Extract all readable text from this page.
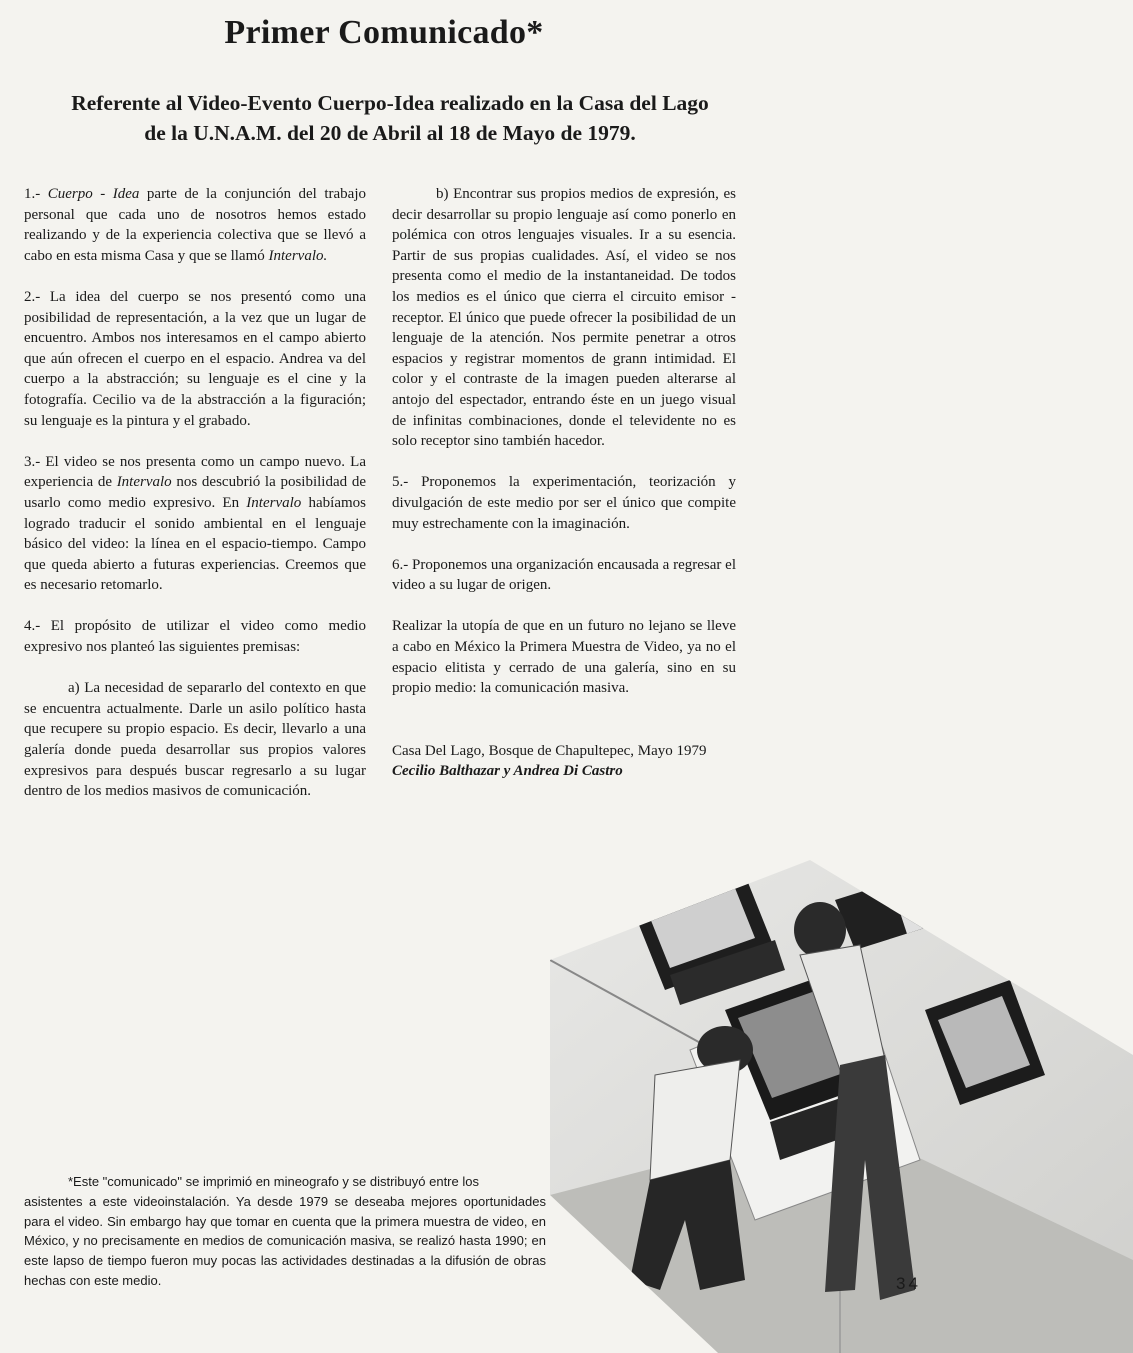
Primer Comunicado*
Referente al Video-Evento Cuerpo-Idea realizado en la Casa del Lago
de la U.N.A.M. del 20 de Abril al 18 de Mayo de 1979.

1.- Cuerpo - Idea parte de la conjunción del trabajo personal que cada uno de nosotros hemos estado realizando y de la experiencia colectiva que se llevó a cabo en esta misma Casa y que se llamó Intervalo.

2.- La idea del cuerpo se nos presentó como una posibilidad de representación, a la vez que un lugar de encuentro. Ambos nos interesamos en el campo abierto que aún ofrecen el cuerpo en el espacio. Andrea va del cuerpo a la abstracción; su lenguaje es el cine y la fotografía. Cecilio va de la abstracción a la figuración; su lenguaje es la pintura y el grabado.

3.- El video se nos presenta como un campo nuevo. La experiencia de Intervalo nos descubrió la posibilidad de usarlo como medio expresivo. En Intervalo habíamos logrado traducir el sonido ambiental en el lenguaje básico del video: la línea en el espacio-tiempo. Campo que queda abierto a futuras experiencias. Creemos que es necesario retomarlo.

4.- El propósito de utilizar el video como medio expresivo nos planteó las siguientes premisas:

a) La necesidad de separarlo del contexto en que se encuentra actualmente. Darle un asilo político hasta que recupere su propio espacio. Es decir, llevarlo a una galería donde pueda desarrollar sus propios valores expresivos para después buscar regresarlo a su lugar dentro de los medios masivos de comunicación.

b) Encontrar sus propios medios de expresión, es decir desarrollar su propio lenguaje así como ponerlo en polémica con otros lenguajes visuales. Ir a su esencia. Partir de sus propias cualidades. Así, el video se nos presenta como el medio de la instantaneidad. De todos los medios es el único que cierra el circuito emisor - receptor. El único que puede ofrecer la posibilidad de un lenguaje de la atención. Nos permite penetrar a otros espacios y registrar momentos de grann intimidad. El color y el contraste de la imagen pueden alterarse al antojo del espectador, entrando éste en un juego visual de infinitas combinaciones, donde el televidente no es solo receptor sino también hacedor.

5.- Proponemos la experimentación, teorización y divulgación de este medio por ser el único que compite muy estrechamente con la imaginación.

6.- Proponemos una organización encausada a regresar el video a su lugar de origen.

Realizar la utopía de que en un futuro no lejano se lleve a cabo en México la Primera Muestra de Video, ya no el espacio elitista y cerrado de una galería, sino en su propio medio: la comunicación masiva.

Casa Del Lago, Bosque de Chapultepec, Mayo 1979
Cecilio Balthazar y Andrea Di Castro

*Este "comunicado" se imprimió en mineografo y se distribuyó entre los
asistentes a este videoinstalación. Ya desde 1979 se deseaba mejores oportunidades para el video. Sin embargo hay que tomar en cuenta que la primera muestra de video, en México, y no precisamente en medios de comunicación masiva, se realizó hasta 1990; en este lapso de tiempo fueron muy pocas las actividades destinadas a la difusión de obras hechas con este medio.	34
